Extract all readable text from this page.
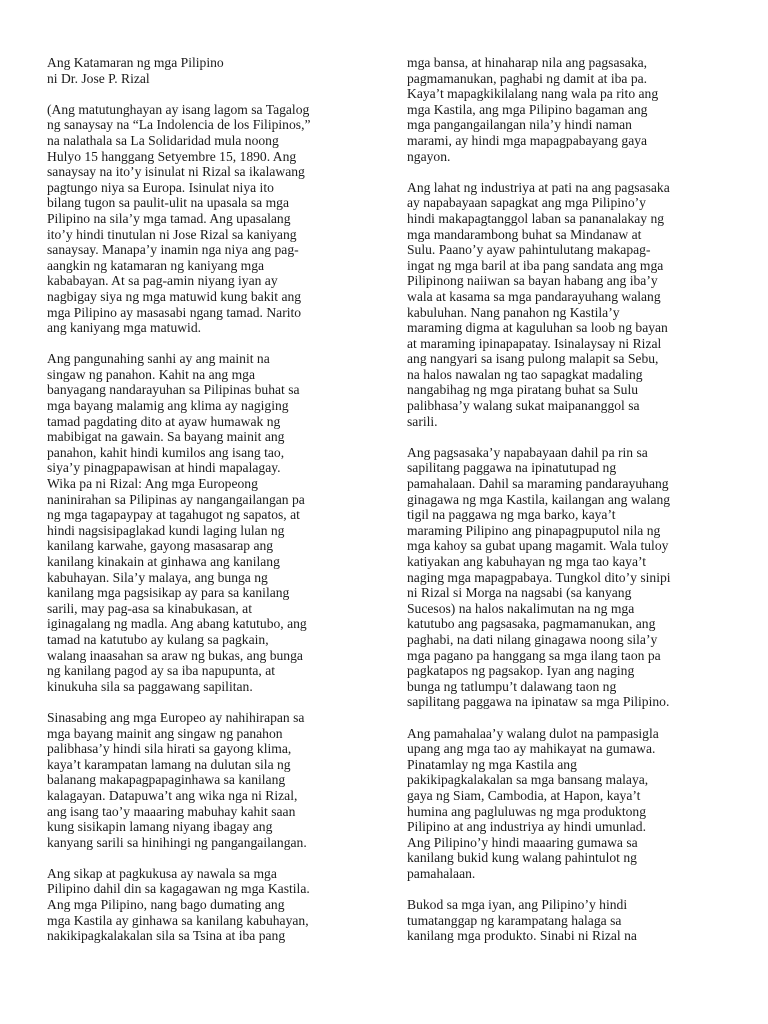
Ang Katamaran ng mga Pilipino
ni Dr. Jose P. Rizal
(Ang matutunghayan ay isang lagom sa Tagalog
ng sanaysay na “La Indolencia de los Filipinos,”
na nalathala sa La Solidaridad mula noong
Hulyo 15 hanggang Setyembre 15, 1890. Ang
sanaysay na ito’y isinulat ni Rizal sa ikalawang
pagtungo niya sa Europa. Isinulat niya ito
bilang tugon sa paulit-ulit na upasala sa mga
Pilipino na sila’y mga tamad. Ang upasalang
ito’y hindi tinutulan ni Jose Rizal sa kaniyang
sanaysay. Manapa’y inamin nga niya ang pag-
aangkin ng katamaran ng kaniyang mga
kababayan. At sa pag-amin niyang iyan ay
nagbigay siya ng mga matuwid kung bakit ang
mga Pilipino ay masasabi ngang tamad. Narito
ang kaniyang mga matuwid.
Ang pangunahing sanhi ay ang mainit na
singaw ng panahon. Kahit na ang mga
banyagang nandarayuhan sa Pilipinas buhat sa
mga bayang malamig ang klima ay nagiging
tamad pagdating dito at ayaw humawak ng
mabibigat na gawain. Sa bayang mainit ang
panahon, kahit hindi kumilos ang isang tao,
siya’y pinagpapawisan at hindi mapalagay.
Wika pa ni Rizal: Ang mga Europeong
naninirahan sa Pilipinas ay nangangailangan pa
ng mga tagapaypay at tagahugot ng sapatos, at
hindi nagsisipaglakad kundi laging lulan ng
kanilang karwahe, gayong masasarap ang
kanilang kinakain at ginhawa ang kanilang
kabuhayan. Sila’y malaya, ang bunga ng
kanilang mga pagsisikap ay para sa kanilang
sarili, may pag-asa sa kinabukasan, at
iginagalang ng madla. Ang abang katutubo, ang
tamad na katutubo ay kulang sa pagkain,
walang inaasahan sa araw ng bukas, ang bunga
ng kanilang pagod ay sa iba napupunta, at
kinukuha sila sa paggawang sapilitan.
Sinasabing ang mga Europeo ay nahihirapan sa
mga bayang mainit ang singaw ng panahon
palibhasa’y hindi sila hirati sa gayong klima,
kaya’t karampatan lamang na dulutan sila ng
balanang makapagpapaginhawa sa kanilang
kalagayan. Datapuwa’t ang wika nga ni Rizal,
ang isang tao’y maaaring mabuhay kahit saan
kung sisikapin lamang niyang ibagay ang
kanyang sarili sa hinihingi ng pangangailangan.
Ang sikap at pagkukusa ay nawala sa mga
Pilipino dahil din sa kagagawan ng mga Kastila.
Ang mga Pilipino, nang bago dumating ang
mga Kastila ay ginhawa sa kanilang kabuhayan,
nakikipagkalakalan sila sa Tsina at iba pang
mga bansa, at hinaharap nila ang pagsasaka,
pagmamanukan, paghabi ng damit at iba pa.
Kaya’t mapagkikilalang nang wala pa rito ang
mga Kastila, ang mga Pilipino bagaman ang
mga pangangailangan nila’y hindi naman
marami, ay hindi mga mapagpabayang gaya
ngayon.
Ang lahat ng industriya at pati na ang pagsasaka
ay napabayaan sapagkat ang mga Pilipino’y
hindi makapagtanggol laban sa pananalakay ng
mga mandarambong buhat sa Mindanaw at
Sulu. Paano’y ayaw pahintulutang makapag-
ingat ng mga baril at iba pang sandata ang mga
Pilipinong naiiwan sa bayan habang ang iba’y
wala at kasama sa mga pandarayuhang walang
kabuluhan. Nang panahon ng Kastila’y
maraming digma at kaguluhan sa loob ng bayan
at maraming ipinapapatay. Isinalaysay ni Rizal
ang nangyari sa isang pulong malapit sa Sebu,
na halos nawalan ng tao sapagkat madaling
nangabihag ng mga piratang buhat sa Sulu
palibhasa’y walang sukat maipananggol sa
sarili.
Ang pagsasaka’y napabayaan dahil pa rin sa
sapilitang paggawa na ipinatutupad ng
pamahalaan. Dahil sa maraming pandarayuhang
ginagawa ng mga Kastila, kailangan ang walang
tigil na paggawa ng mga barko, kaya’t
maraming Pilipino ang pinapagpuputol nila ng
mga kahoy sa gubat upang magamit. Wala tuloy
katiyakan ang kabuhayan ng mga tao kaya’t
naging mga mapagpabaya. Tungkol dito’y sinipi
ni Rizal si Morga na nagsabi (sa kanyang
Sucesos) na halos nakalimutan na ng mga
katutubo ang pagsasaka, pagmamanukan, ang
paghabi, na dati nilang ginagawa noong sila’y
mga pagano pa hanggang sa mga ilang taon pa
pagkatapos ng pagsakop. Iyan ang naging
bunga ng tatlumpu’t dalawang taon ng
sapilitang paggawa na ipinataw sa mga Pilipino.
Ang pamahalaa’y walang dulot na pampasigla
upang ang mga tao ay mahikayat na gumawa.
Pinatamlay ng mga Kastila ang
pakikipagkalakalan sa mga bansang malaya,
gaya ng Siam, Cambodia, at Hapon, kaya’t
humina ang pagluluwas ng mga produktong
Pilipino at ang industriya ay hindi umunlad.
Ang Pilipino’y hindi maaaring gumawa sa
kanilang bukid kung walang pahintulot ng
pamahalaan.
Bukod sa mga iyan, ang Pilipino’y hindi
tumatanggap ng karampatang halaga sa
kanilang mga produkto. Sinabi ni Rizal na
